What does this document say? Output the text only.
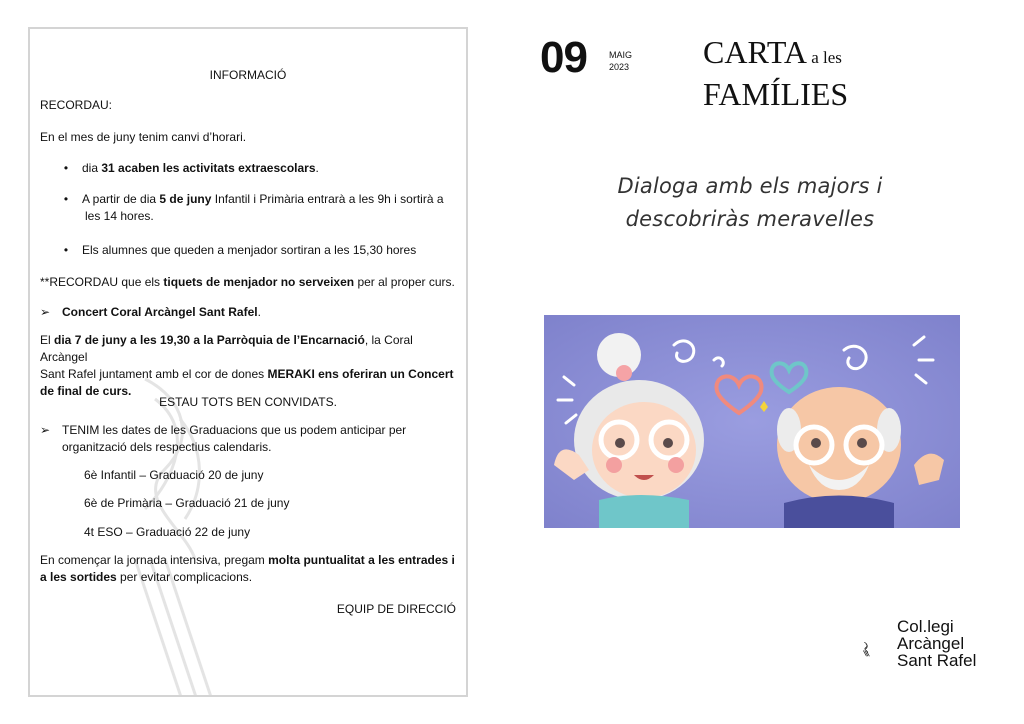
INFORMACIÓ

RECORDAU:

En el mes de juny tenim canvi d’horari.

• dia 31 acaben les activitats extraescolars.

• A partir de dia 5 de juny Infantil i Primària entrarà a les 9h i sortirà a
les 14 hores.

• Els alumnes que queden a menjador sortiran a les 15,30 hores

**RECORDAU que els tiquets de menjador no serveixen per al proper curs.

➢ Concert Coral Arcàngel Sant Rafel.

El dia 7 de juny a les 19,30 a la Parròquia de l’Encarnació, la Coral Arcàngel
Sant Rafel juntament amb el cor de dones MERAKI ens oferiran un Concert
de final de curs.

ESTAU TOTS BEN CONVIDATS.

➢ TENIM les dates de les Graduacions que us podem anticipar per
organització dels respectius calendaris.

6è Infantil – Graduació 20 de juny

6è de Primària – Graduació 21 de juny

4t ESO – Graduació 22 de juny

En començar la jornada intensiva, pregam molta puntualitat a les entrades i
a les sortides per evitar complicacions.

EQUIP DE DIRECCIÓ

09 MAIG
2023 CARTA a les
FAMÍLIES
Dialoga amb els majors i
descobriràs meravelles
Col.legi
Arcàngel
Sant Rafel
